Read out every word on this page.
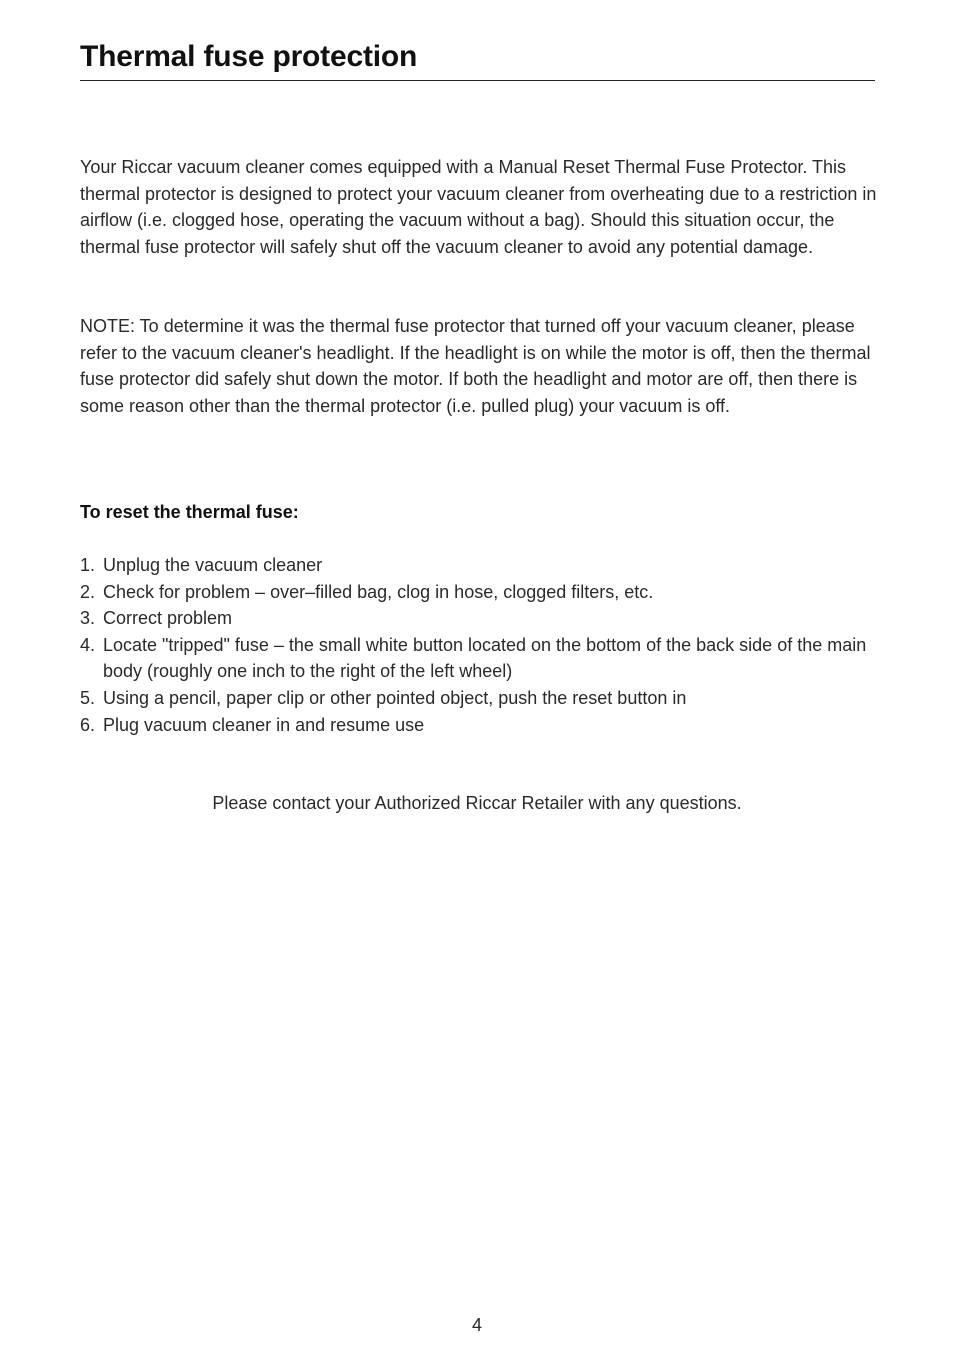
Thermal fuse protection

Your Riccar vacuum cleaner comes equipped with a Manual Reset Thermal Fuse Protector. This thermal protector is designed to protect your vacuum cleaner from overheating due to a restriction in airflow (i.e. clogged hose, operating the vacuum without a bag). Should this situation occur, the thermal fuse protector will safely shut off the vacuum cleaner to avoid any potential damage.

NOTE: To determine it was the thermal fuse protector that turned off your vacuum cleaner, please refer to the vacuum cleaner's headlight. If the headlight is on while the motor is off, then the thermal fuse protector did safely shut down the motor. If both the headlight and motor are off, then there is some reason other than the thermal protector (i.e. pulled plug) your vacuum is off.

To reset the thermal fuse:
1. Unplug the vacuum cleaner
2. Check for problem – over–filled bag, clog in hose, clogged filters, etc.
3. Correct problem
4. Locate "tripped" fuse – the small white button located on the bottom of the back side of the main body (roughly one inch to the right of the left wheel)
5. Using a pencil, paper clip or other pointed object, push the reset button in
6. Plug vacuum cleaner in and resume use

Please contact your Authorized Riccar Retailer with any questions.

4
